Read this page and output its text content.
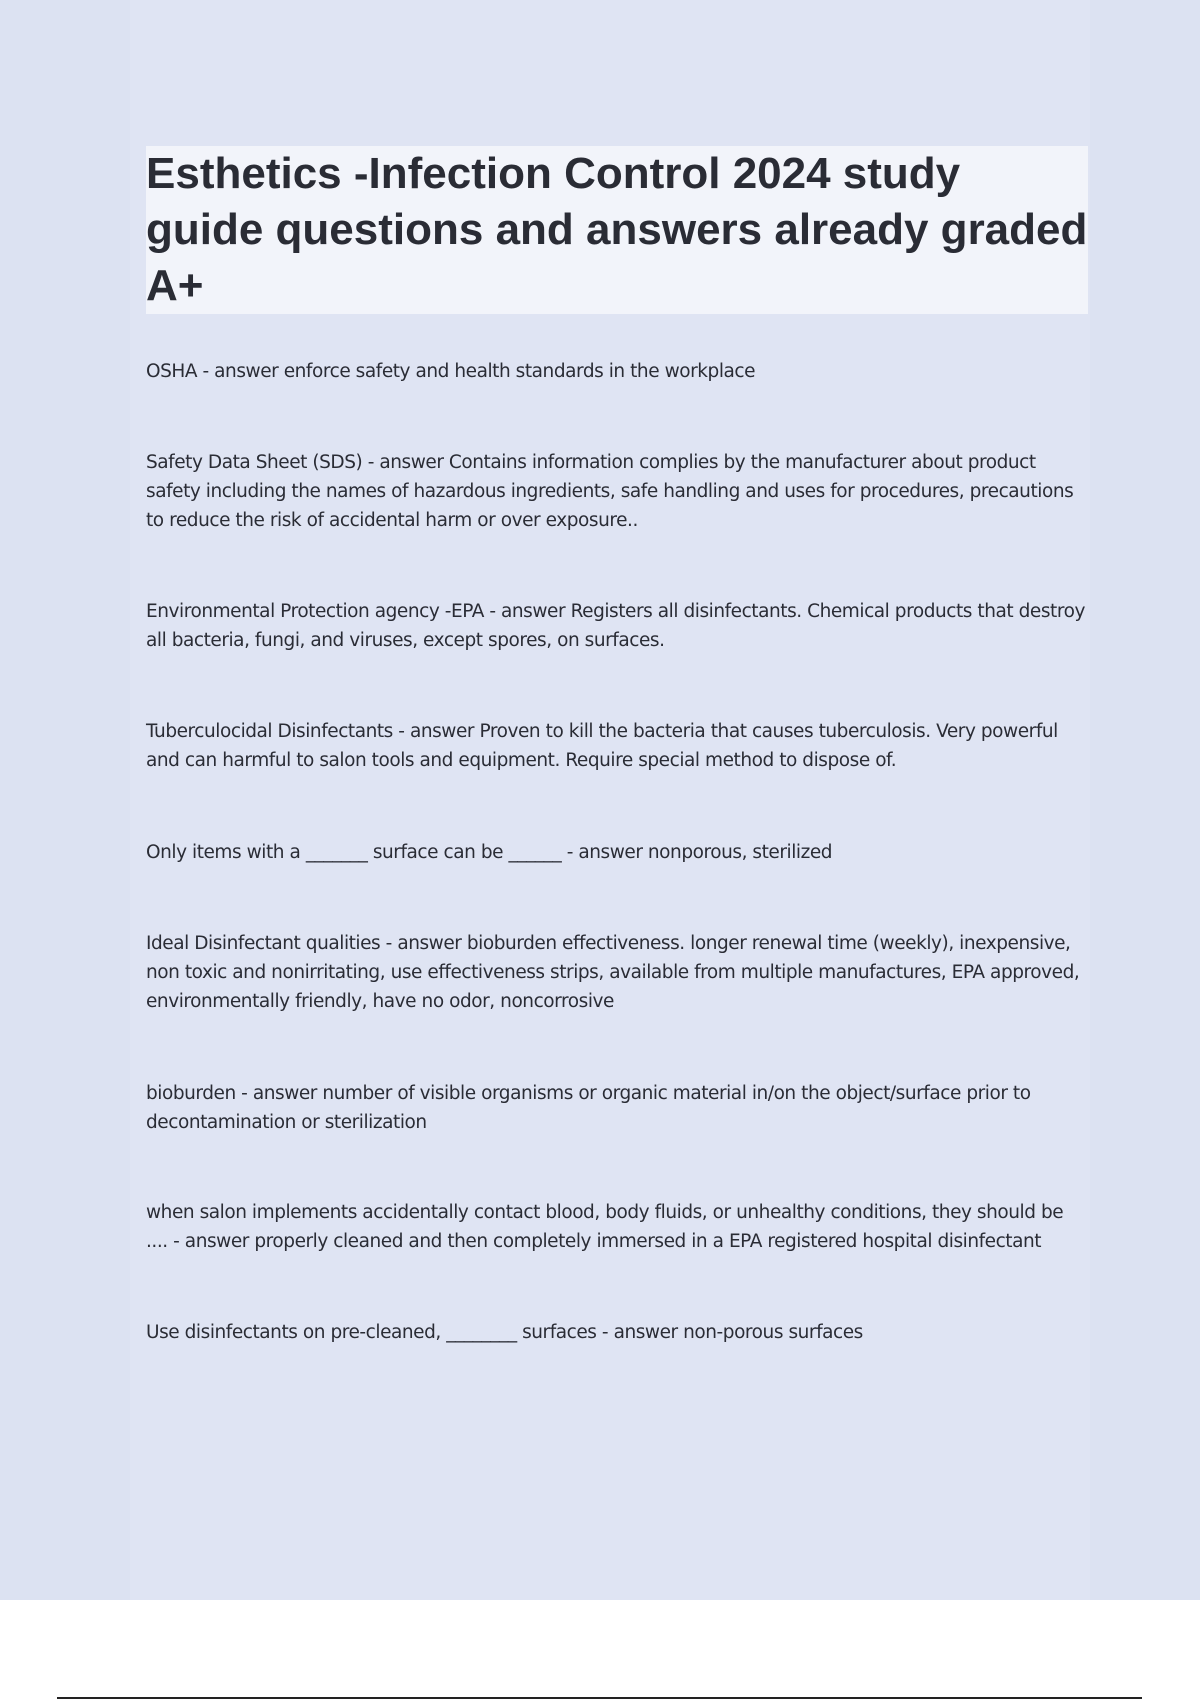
Esthetics -Infection Control 2024 study guide questions and answers already graded A+

OSHA - answer enforce safety and health standards in the workplace

Safety Data Sheet (SDS) - answer Contains information complies by the manufacturer about product safety including the names of hazardous ingredients, safe handling and uses for procedures, precautions to reduce the risk of accidental harm or over exposure..

Environmental Protection agency -EPA - answer Registers all disinfectants. Chemical products that destroy all bacteria, fungi, and viruses, except spores, on surfaces.

Tuberculocidal Disinfectants - answer Proven to kill the bacteria that causes tuberculosis. Very powerful and can harmful to salon tools and equipment. Require special method to dispose of.

Only items with a _______ surface can be ______ - answer nonporous, sterilized

Ideal Disinfectant qualities - answer bioburden effectiveness. longer renewal time (weekly), inexpensive, non toxic and nonirritating, use effectiveness strips, available from multiple manufactures, EPA approved, environmentally friendly, have no odor, noncorrosive

bioburden - answer number of visible organisms or organic material in/on the object/surface prior to decontamination or sterilization

when salon implements accidentally contact blood, body fluids, or unhealthy conditions, they should be .... - answer properly cleaned and then completely immersed in a EPA registered hospital disinfectant

Use disinfectants on pre-cleaned, ________ surfaces - answer non-porous surfaces
